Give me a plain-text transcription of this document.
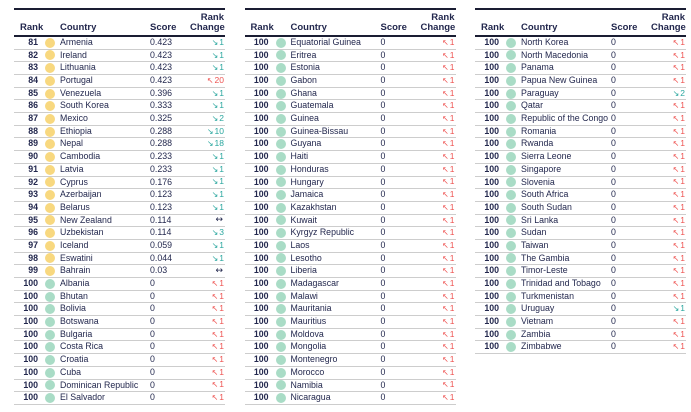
Rank Country	Score
Rank Change
81	Armenia	0.423	↘1
82	Ireland	0.423	↘1
83	Lithuania	0.423	↘1
84	Portugal	0.423	↖20
85	Venezuela	0.396	↘1
86	South Korea	0.333	↘1
87	Mexico	0.325	↘2
88	Ethiopia	0.288	↘10
89	Nepal	0.288	↘18
90	Cambodia	0.233	↘1
91	Latvia	0.233	↘1
92	Cyprus	0.176	↘1
93	Azerbaijan	0.123	↘1
94	Belarus	0.123	↘1
95	New Zealand	0.114	↔
96	Uzbekistan	0.114	↘3
97	Iceland	0.059	↘1
98	Eswatini	0.044	↘1
99	Bahrain	0.03	↔
100	Albania	0	↖1
100	Bhutan	0	↖1
100	Bolivia	0	↖1
100	Botswana	0	↖1
100	Bulgaria	0	↖1
100	Costa Rica	0	↖1
100	Croatia	0	↖1
100	Cuba	0	↖1
100	Dominican Republic	0	↖1
100	El Salvador	0	↖1
Rank Country	Score
Rank Change
100	Equatorial Guinea	0	↖1
100	Eritrea	0	↖1
100	Estonia	0	↖1
100	Gabon	0	↖1
100	Ghana	0	↖1
100	Guatemala	0	↖1
100	Guinea	0	↖1
100	Guinea-Bissau	0	↖1
100	Guyana	0	↖1
100	Haiti	0	↖1
100	Honduras	0	↖1
100	Hungary	0	↖1
100	Jamaica	0	↖1
100	Kazakhstan	0	↖1
100	Kuwait	0	↖1
100	Kyrgyz Republic	0	↖1
100	Laos	0	↖1
100	Lesotho	0	↖1
100	Liberia	0	↖1
100	Madagascar	0	↖1
100	Malawi	0	↖1
100	Mauritania	0	↖1
100	Mauritius	0	↖1
100	Moldova	0	↖1
100	Mongolia	0	↖1
100	Montenegro	0	↖1
100	Morocco	0	↖1
100	Namibia	0	↖1
100	Nicaragua	0	↖1
Rank Country	Score
Rank Change
100	North Korea	0	↖1
100	North Macedonia	0	↖1
100	Panama	0	↖1
100	Papua New Guinea	0	↖1
100	Paraguay	0	↘2
100	Qatar	0	↖1
100	Republic of the Congo 0	↖1
100	Romania	0	↖1
100	Rwanda	0	↖1
100	Sierra Leone	0	↖1
100	Singapore	0	↖1
100	Slovenia	0	↖1
100	South Africa	0	↖1
100	South Sudan	0	↖1
100	Sri Lanka	0	↖1
100	Sudan	0	↖1
100	Taiwan	0	↖1
100	The Gambia	0	↖1
100	Timor-Leste	0	↖1
100	Trinidad and Tobago	0	↖1
100	Turkmenistan	0	↖1
100	Uruguay	0	↘1
100	Vietnam	0	↖1
100	Zambia	0	↖1
100	Zimbabwe	0	↖1
